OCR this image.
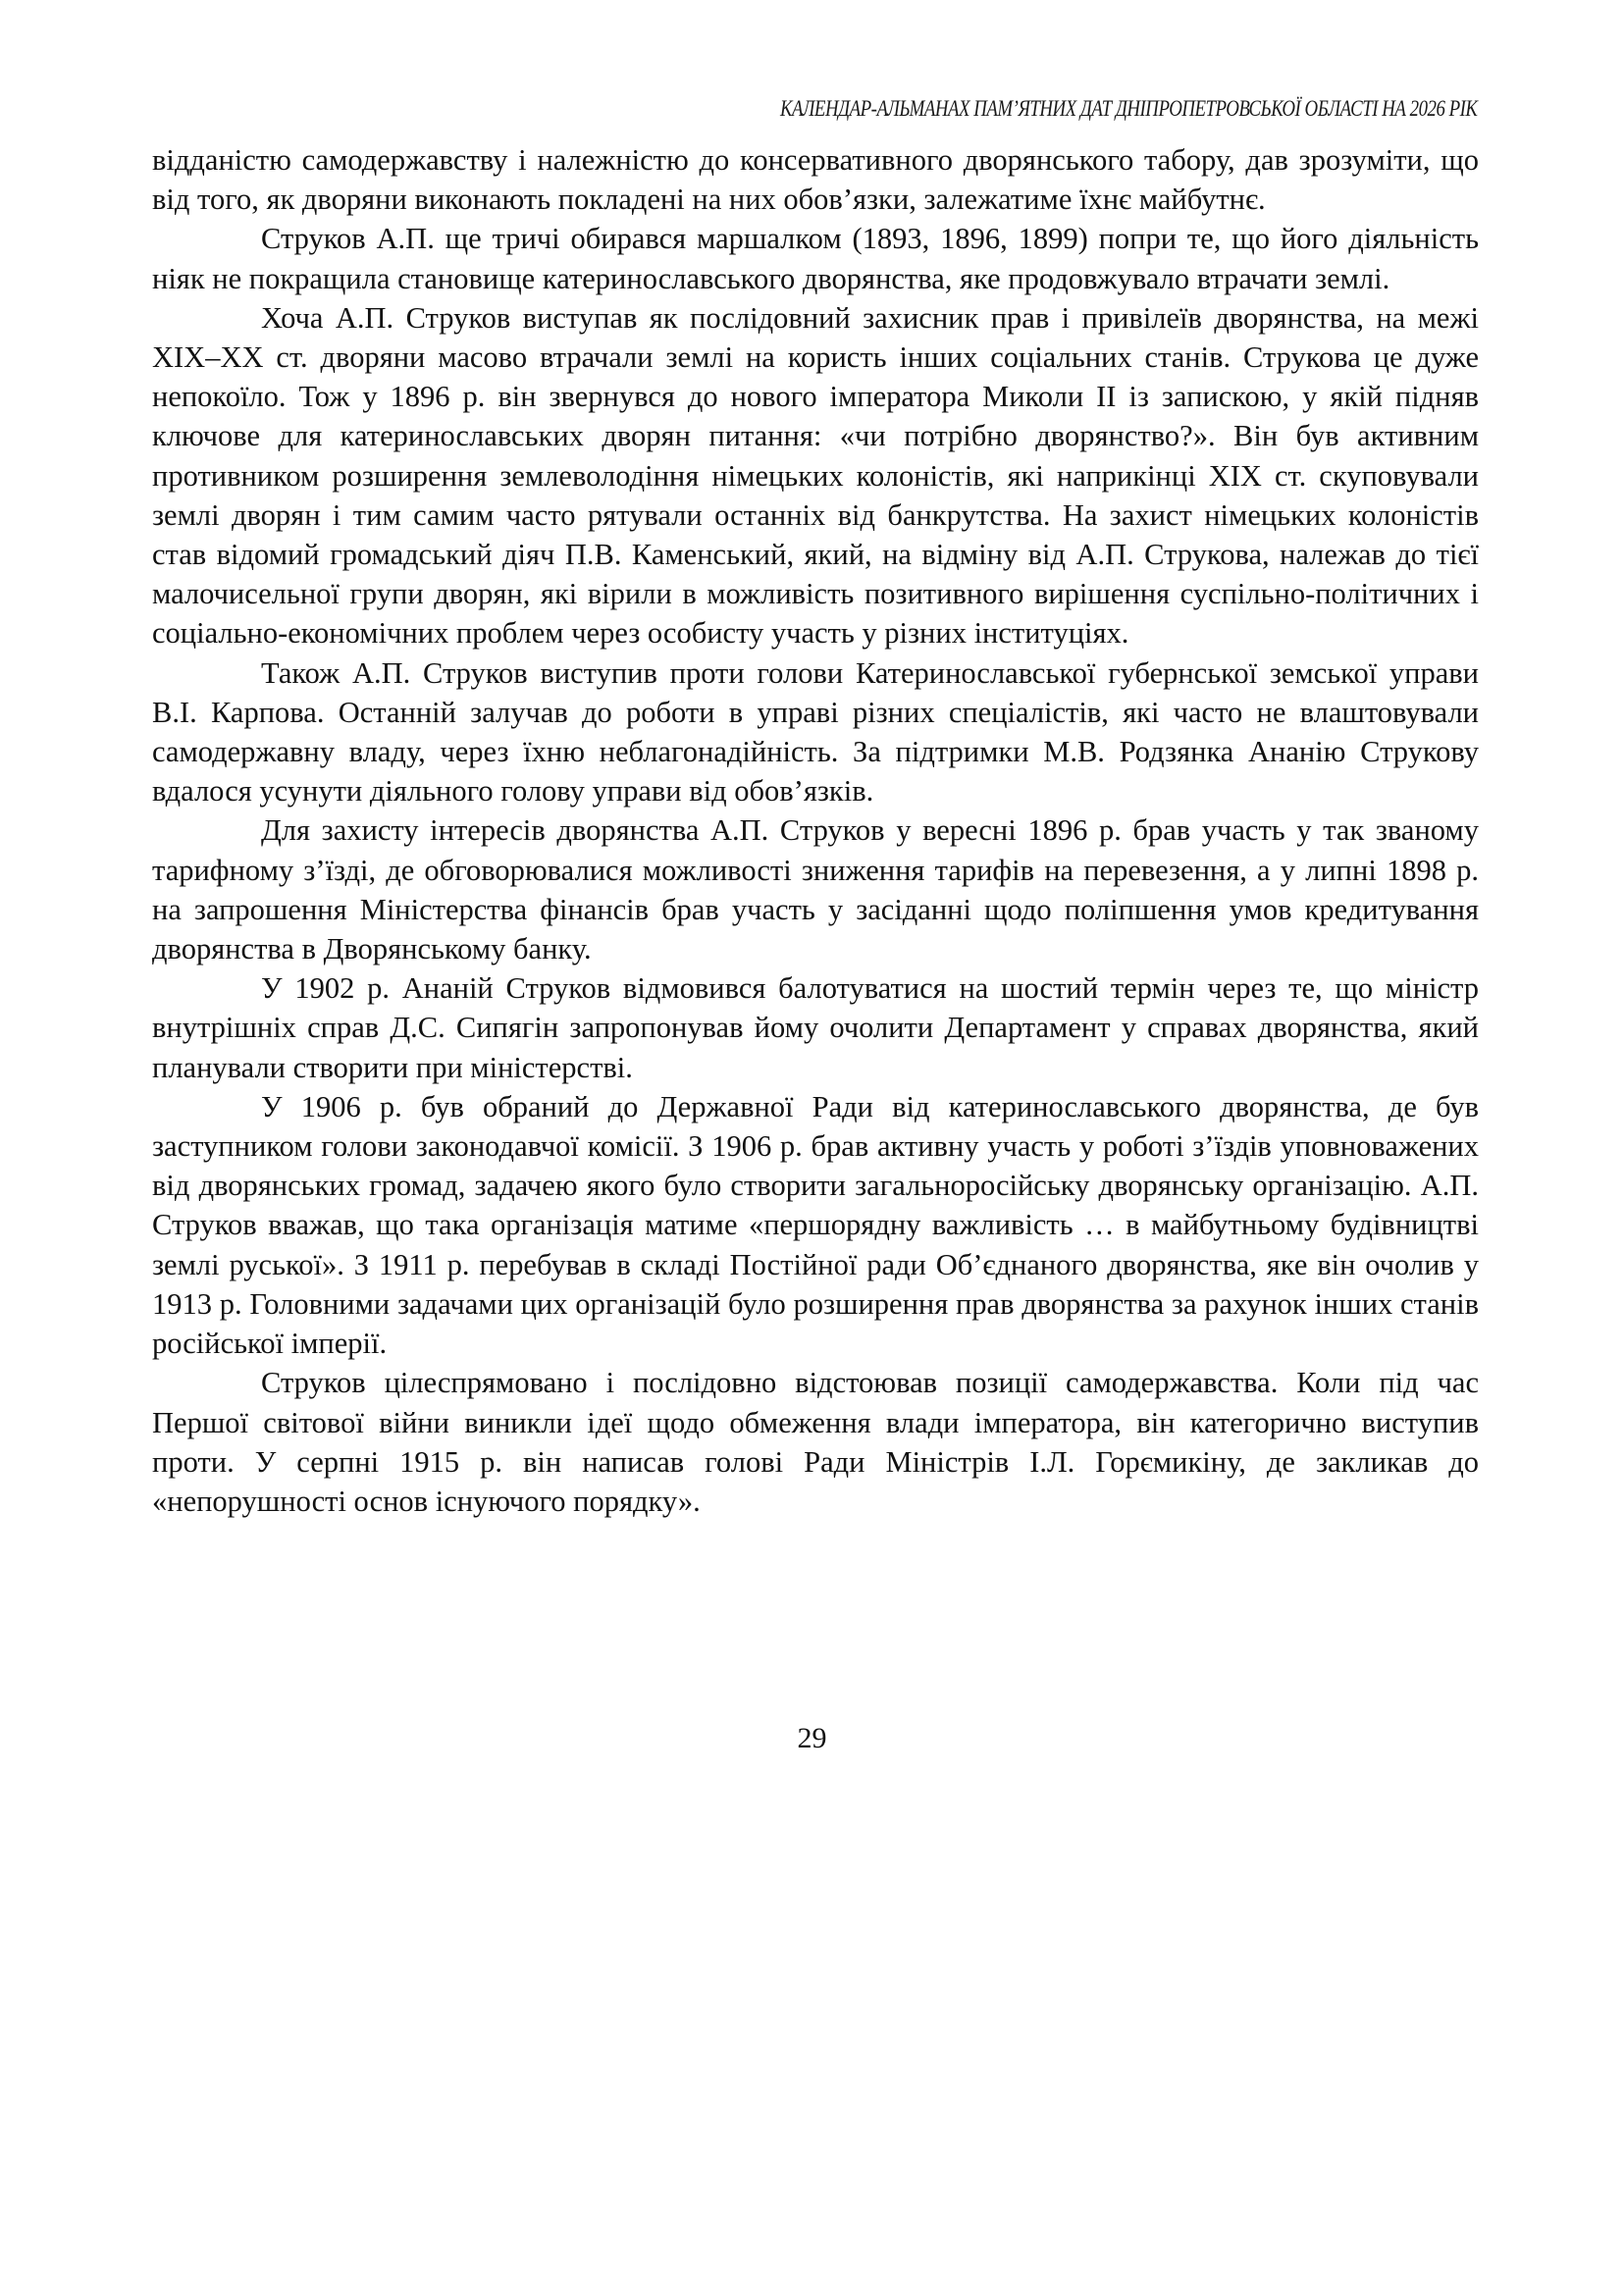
КАЛЕНДАР-АЛЬМАНАХ ПАМ’ЯТНИХ ДАТ ДНІПРОПЕТРОВСЬКОЇ ОБЛАСТІ НА 2026 РІК

відданістю самодержавству і належністю до консервативного дворянського табору, дав зрозуміти, що від того, як дворяни виконають покладені на них обов’язки, залежатиме їхнє майбутнє.

Струков А.П. ще тричі обирався маршалком (1893, 1896, 1899) попри те, що його діяльність ніяк не покращила становище катеринославського дворянства, яке продовжувало втрачати землі.

Хоча А.П. Струков виступав як послідовний захисник прав і привілеїв дворянства, на межі XIX–XX ст. дворяни масово втрачали землі на користь інших соціальних станів. Струкова це дуже непокоїло. Тож у 1896 р. він звернувся до нового імператора Миколи II із запискою, у якій підняв ключове для катеринославських дворян питання: «чи потрібно дворянство?». Він був активним противником розширення землеволодіння німецьких колоністів, які наприкінці XIX ст. скуповували землі дворян і тим самим часто рятували останніх від банкрутства. На захист німецьких колоністів став відомий громадський діяч П.В. Каменський, який, на відміну від А.П. Струкова, належав до тієї малочисельної групи дворян, які вірили в можливість позитивного вирішення суспільно-політичних і соціально-економічних проблем через особисту участь у різних інституціях.

Також А.П. Струков виступив проти голови Катеринославської губернської земської управи В.І. Карпова. Останній залучав до роботи в управі різних спеціалістів, які часто не влаштовували самодержавну владу, через їхню неблагонадійність. За підтримки М.В. Родзянка Ананію Струкову вдалося усунути діяльного голову управи від обов’язків.

Для захисту інтересів дворянства А.П. Струков у вересні 1896 р. брав участь у так званому тарифному з’їзді, де обговорювалися можливості зниження тарифів на перевезення, а у липні 1898 р. на запрошення Міністерства фінансів брав участь у засіданні щодо поліпшення умов кредитування дворянства в Дворянському банку.

У 1902 р. Ананій Струков відмовився балотуватися на шостий термін через те, що міністр внутрішніх справ Д.С. Сипягін запропонував йому очолити Департамент у справах дворянства, який планували створити при міністерстві.

У 1906 р. був обраний до Державної Ради від катеринославського дворянства, де був заступником голови законодавчої комісії. З 1906 р. брав активну участь у роботі з’їздів уповноважених від дворянських громад, задачею якого було створити загальноросійську дворянську організацію. А.П. Струков вважав, що така організація матиме «першорядну важливість … в майбутньому будівництві землі руської». З 1911 р. перебував в складі Постійної ради Об’єднаного дворянства, яке він очолив у 1913 р. Головними задачами цих організацій було розширення прав дворянства за рахунок інших станів російської імперії.

Струков цілеспрямовано і послідовно відстоював позиції самодержавства. Коли під час Першої світової війни виникли ідеї щодо обмеження влади імператора, він категорично виступив проти. У серпні 1915 р. він написав голові Ради Міністрів І.Л. Горємикіну, де закликав до «непорушності основ існуючого порядку».

29
